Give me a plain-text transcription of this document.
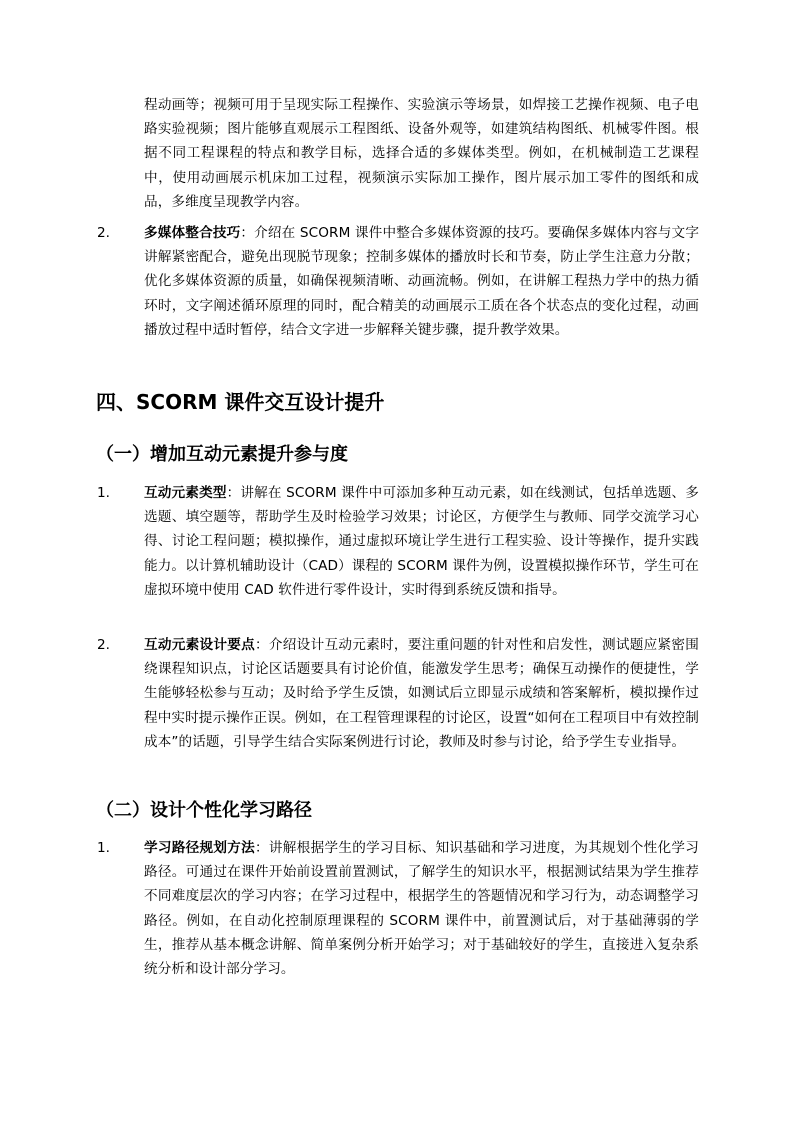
程动画等；视频可用于呈现实际工程操作、实验演示等场景，如焊接工艺操作视频、电子电路实验视频；图片能够直观展示工程图纸、设备外观等，如建筑结构图纸、机械零件图。根据不同工程课程的特点和教学目标，选择合适的多媒体类型。例如，在机械制造工艺课程中，使用动画展示机床加工过程，视频演示实际加工操作，图片展示加工零件的图纸和成品，多维度呈现教学内容。

2.	多媒体整合技巧：介绍在 SCORM 课件中整合多媒体资源的技巧。要确保多媒体内容与文字讲解紧密配合，避免出现脱节现象；控制多媒体的播放时长和节奏，防止学生注意力分散；优化多媒体资源的质量，如确保视频清晰、动画流畅。例如，在讲解工程热力学中的热力循环时，文字阐述循环原理的同时，配合精美的动画展示工质在各个状态点的变化过程，动画播放过程中适时暂停，结合文字进一步解释关键步骤，提升教学效果。

四、SCORM 课件交互设计提升
（一）增加互动元素提升参与度
1.	互动元素类型：讲解在 SCORM 课件中可添加多种互动元素，如在线测试，包括单选题、多选题、填空题等，帮助学生及时检验学习效果；讨论区，方便学生与教师、同学交流学习心得、讨论工程问题；模拟操作，通过虚拟环境让学生进行工程实验、设计等操作，提升实践能力。以计算机辅助设计（CAD）课程的 SCORM 课件为例，设置模拟操作环节，学生可在虚拟环境中使用 CAD 软件进行零件设计，实时得到系统反馈和指导。

2.	互动元素设计要点：介绍设计互动元素时，要注重问题的针对性和启发性，测试题应紧密围绕课程知识点，讨论区话题要具有讨论价值，能激发学生思考；确保互动操作的便捷性，学生能够轻松参与互动；及时给予学生反馈，如测试后立即显示成绩和答案解析，模拟操作过程中实时提示操作正误。例如，在工程管理课程的讨论区，设置“如何在工程项目中有效控制成本”的话题，引导学生结合实际案例进行讨论，教师及时参与讨论，给予学生专业指导。

（二）设计个性化学习路径
1.	学习路径规划方法：讲解根据学生的学习目标、知识基础和学习进度，为其规划个性化学习路径。可通过在课件开始前设置前置测试，了解学生的知识水平，根据测试结果为学生推荐不同难度层次的学习内容；在学习过程中，根据学生的答题情况和学习行为，动态调整学习路径。例如，在自动化控制原理课程的 SCORM 课件中，前置测试后，对于基础薄弱的学生，推荐从基本概念讲解、简单案例分析开始学习；对于基础较好的学生，直接进入复杂系统分析和设计部分学习。
